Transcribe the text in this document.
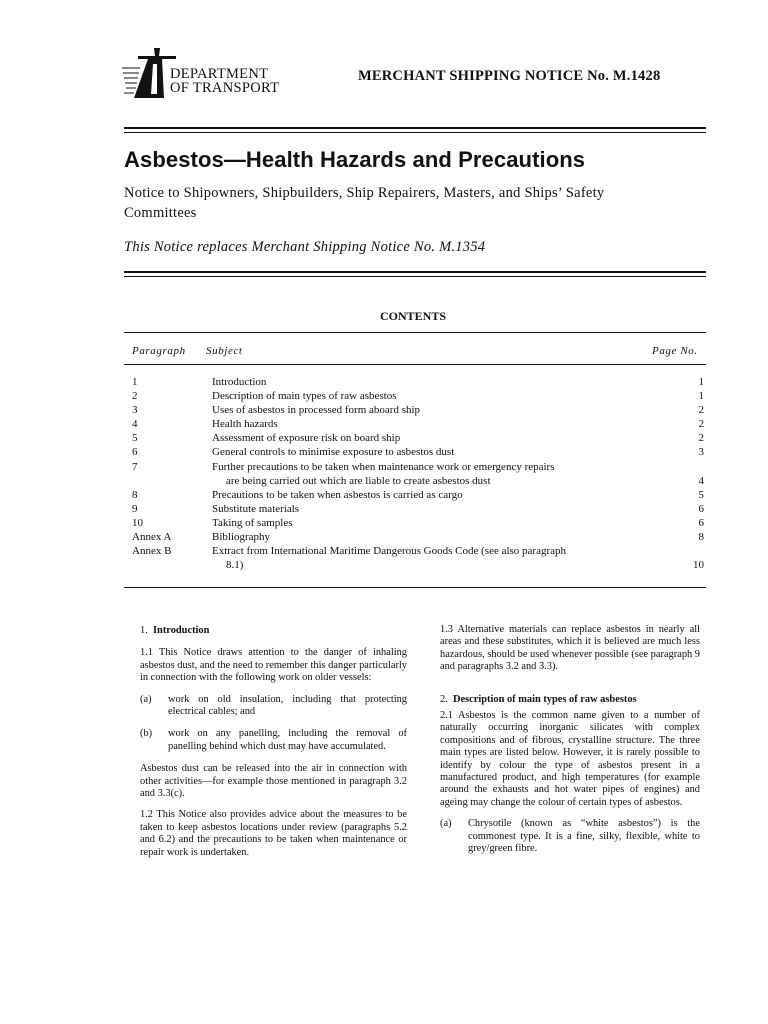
DEPARTMENT
OF TRANSPORT
MERCHANT SHIPPING NOTICE No. M.1428
Asbestos—Health Hazards and Precautions
Notice to Shipowners, Shipbuilders, Ship Repairers, Masters, and Ships’ Safety
Committees
This Notice replaces Merchant Shipping Notice No. M.1354
CONTENTS
Paragraph Subject	Page No.
1	Introduction	1
2	Description of main types of raw asbestos	1
3	Uses of asbestos in processed form aboard ship	2
4	Health hazards	2
5	Assessment of exposure risk on board ship	2
6	General controls to minimise exposure to asbestos dust	3
7	Further precautions to be taken when maintenance work or emergency repairs
are being carried out which are liable to create asbestos dust	4
8	Precautions to be taken when asbestos is carried as cargo	5
9	Substitute materials	6
10	Taking of samples	6
Annex A	Bibliography	8
Annex B	Extract from International Maritime Dangerous Goods Code (see also paragraph
8.1)	10
1. Introduction

1.1 This Notice draws attention to the danger of inhaling asbestos dust, and the need to remember this danger particularly in connection with the following work on older vessels:

(a)	work on old insulation, including that protecting electrical cables; and
(b)	work on any panelling, including the removal of panelling behind which dust may have accumulated.

Asbestos dust can be released into the air in connection with other activities—for example those mentioned in paragraph 3.2 and 3.3(c).

1.2 This Notice also provides advice about the measures to be taken to keep asbestos locations under review (paragraphs 5.2 and 6.2) and the precautions to be taken when maintenance or repair work is undertaken.

1.3 Alternative materials can replace asbestos in nearly all areas and these substitutes, which it is believed are much less hazardous, should be used whenever possible (see paragraph 9 and paragraphs 3.2 and 3.3).

2. Description of main types of raw asbestos

2.1 Asbestos is the common name given to a number of naturally occurring inorganic silicates with complex compositions and of fibrous, crystalline structure. The three main types are listed below. However, it is rarely possible to identify by colour the type of asbestos present in a manufactured product, and high temperatures (for example around the exhausts and hot water pipes of engines) and ageing may change the colour of certain types of asbestos.

(a)	Chrysotile (known as “white asbestos”) is the commonest type. It is a fine, silky, flexible, white to grey/green fibre.
